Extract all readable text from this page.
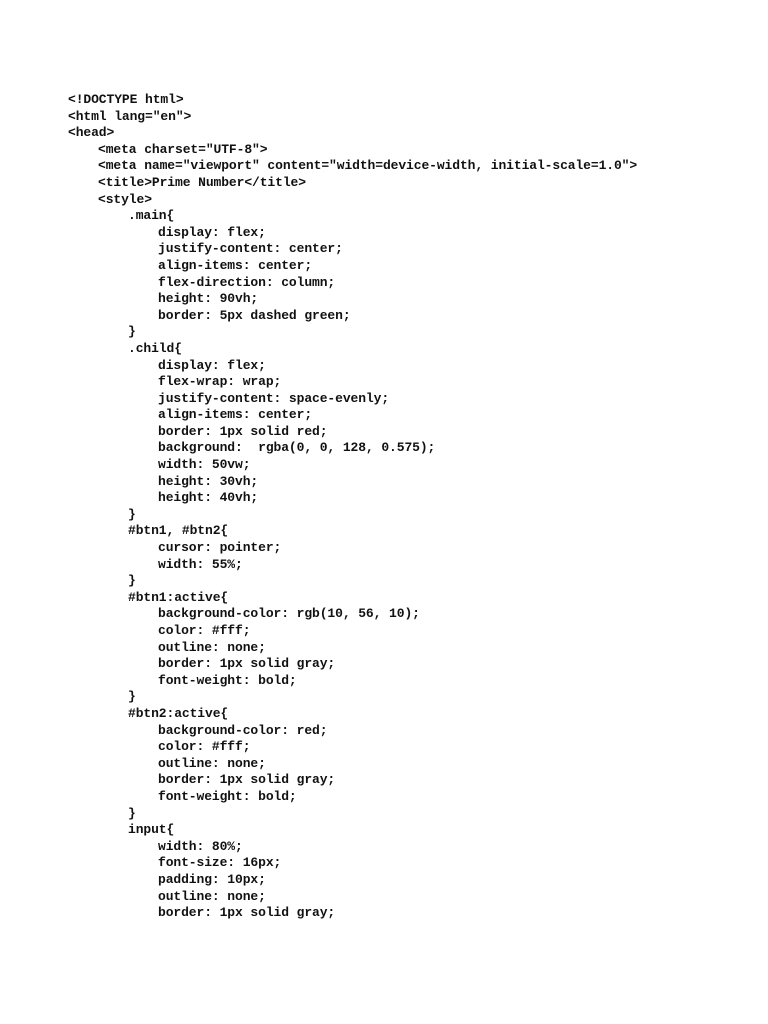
<!DOCTYPE html>
<html lang="en">
<head>
<meta charset="UTF-8">
<meta name="viewport" content="width=device-width, initial-scale=1.0">
<title>Prime Number</title>
<style>
.main{
display: flex;
justify-content: center;
align-items: center;
flex-direction: column;
height: 90vh;
border: 5px dashed green;
}
.child{
display: flex;
flex-wrap: wrap;
justify-content: space-evenly;
align-items: center;
border: 1px solid red;
background:  rgba(0, 0, 128, 0.575);
width: 50vw;
height: 30vh;
height: 40vh;
}
#btn1, #btn2{
cursor: pointer;
width: 55%;
}
#btn1:active{
background-color: rgb(10, 56, 10);
color: #fff;
outline: none;
border: 1px solid gray;
font-weight: bold;
}
#btn2:active{
background-color: red;
color: #fff;
outline: none;
border: 1px solid gray;
font-weight: bold;
}
input{
width: 80%;
font-size: 16px;
padding: 10px;
outline: none;
border: 1px solid gray;
